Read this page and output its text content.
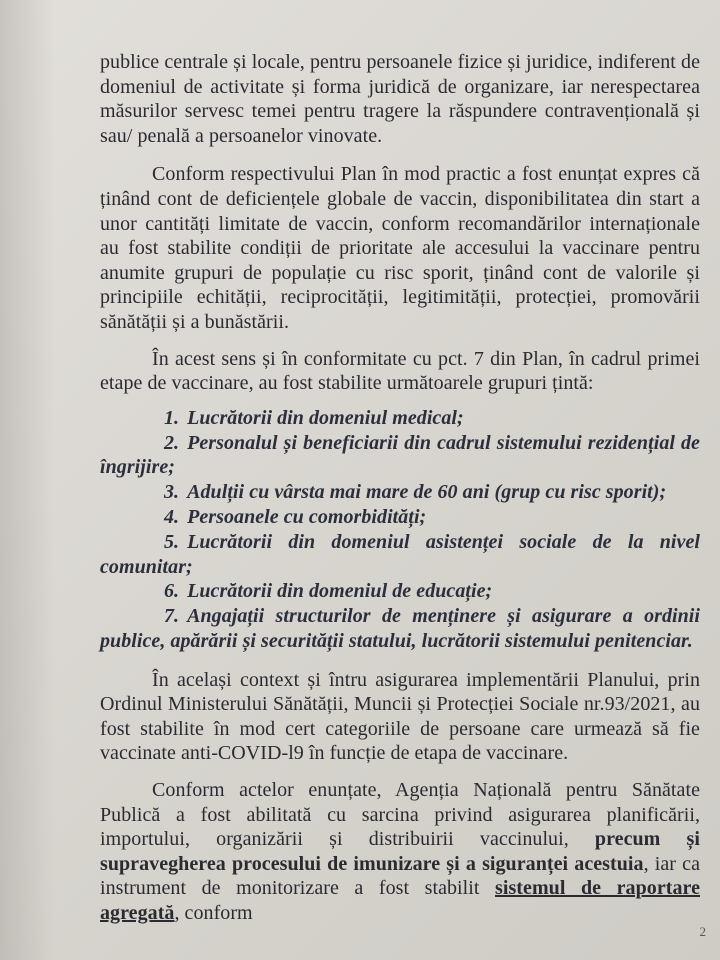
publice centrale și locale, pentru persoanele fizice și juridice, indiferent de domeniul de activitate și forma juridică de organizare, iar nerespectarea măsurilor servesc temei pentru tragere la răspundere contravențională și sau/ penală a persoanelor vinovate.

Conform respectivului Plan în mod practic a fost enunțat expres că ținând cont de deficiențele globale de vaccin, disponibilitatea din start a unor cantități limitate de vaccin, conform recomandărilor internaționale au fost stabilite condiții de prioritate ale accesului la vaccinare pentru anumite grupuri de populație cu risc sporit, ținând cont de valorile și principiile echității, reciprocității, legitimității, protecției, promovării sănătății și a bunăstării.

În acest sens și în conformitate cu pct. 7 din Plan, în cadrul primei etape de vaccinare, au fost stabilite următoarele grupuri țintă:

1. Lucrătorii din domeniul medical;
2. Personalul și beneficiarii din cadrul sistemului rezidențial de îngrijire;
3. Adulții cu vârsta mai mare de 60 ani (grup cu risc sporit);
4. Persoanele cu comorbidități;
5. Lucrătorii din domeniul asistenței sociale de la nivel comunitar;
6. Lucrătorii din domeniul de educație;
7. Angajații structurilor de menținere și asigurare a ordinii publice, apărării și securității statului, lucrătorii sistemului penitenciar.

În același context și întru asigurarea implementării Planului, prin Ordinul Ministerului Sănătății, Muncii și Protecției Sociale nr.93/2021, au fost stabilite în mod cert categoriile de persoane care urmează să fie vaccinate anti-COVID-l9 în funcție de etapa de vaccinare.

Conform actelor enunțate, Agenția Națională pentru Sănătate Publică a fost abilitată cu sarcina privind asigurarea planificării, importului, organizării și distribuirii vaccinului, precum și supravegherea procesului de imunizare și a siguranței acestuia, iar ca instrument de monitorizare a fost stabilit sistemul de raportare agregată, conform

2
